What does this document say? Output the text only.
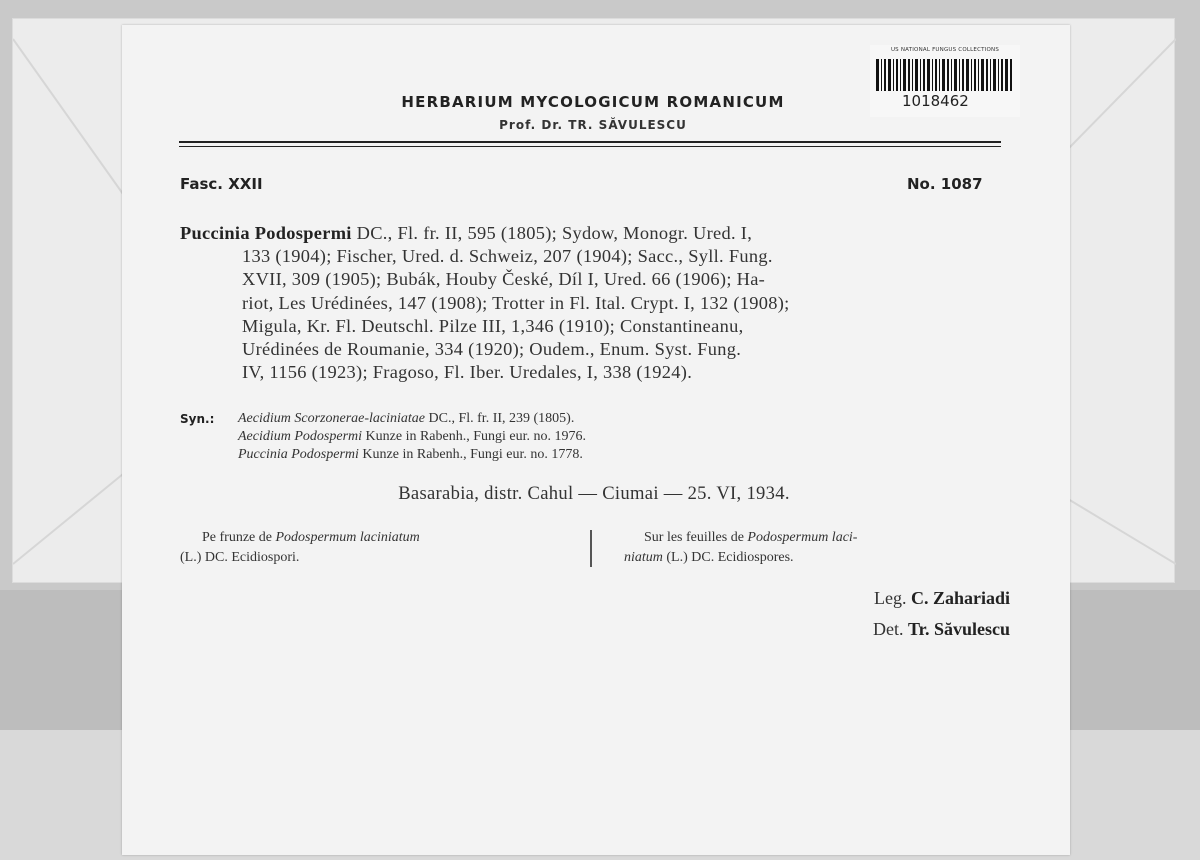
US NATIONAL FUNGUS COLLECTIONS
1018462
HERBARIUM MYCOLOGICUM ROMANICUM
Prof. Dr. TR. SĂVULESCU
Fasc. XXII	No. 1087
Puccinia Podospermi DC., Fl. fr. II, 595 (1805); Sydow, Monogr. Ured. I,
133 (1904); Fischer, Ured. d. Schweiz, 207 (1904); Sacc., Syll. Fung.
XVII, 309 (1905); Bubák, Houby České, Díl I, Ured. 66 (1906); Ha-
riot, Les Urédinées, 147 (1908); Trotter in Fl. Ital. Crypt. I, 132 (1908);
Migula, Kr. Fl. Deutschl. Pilze III, 1,346 (1910); Constantineanu,
Urédinées de Roumanie, 334 (1920); Oudem., Enum. Syst. Fung.
IV, 1156 (1923); Fragoso, Fl. Iber. Uredales, I, 338 (1924).
Syn.: Aecidium Scorzonerae-laciniatae DC., Fl. fr. II, 239 (1805).
Aecidium Podospermi Kunze in Rabenh., Fungi eur. no. 1976.
Puccinia Podospermi Kunze in Rabenh., Fungi eur. no. 1778.
Basarabia, distr. Cahul — Ciumai — 25. VI, 1934.
Pe frunze de Podospermum laciniatum
(L.) DC. Ecidiospori.
Sur les feuilles de Podospermum laci-
niatum (L.) DC. Ecidiospores.
Leg. C. Zahariadi
Det. Tr. Săvulescu
